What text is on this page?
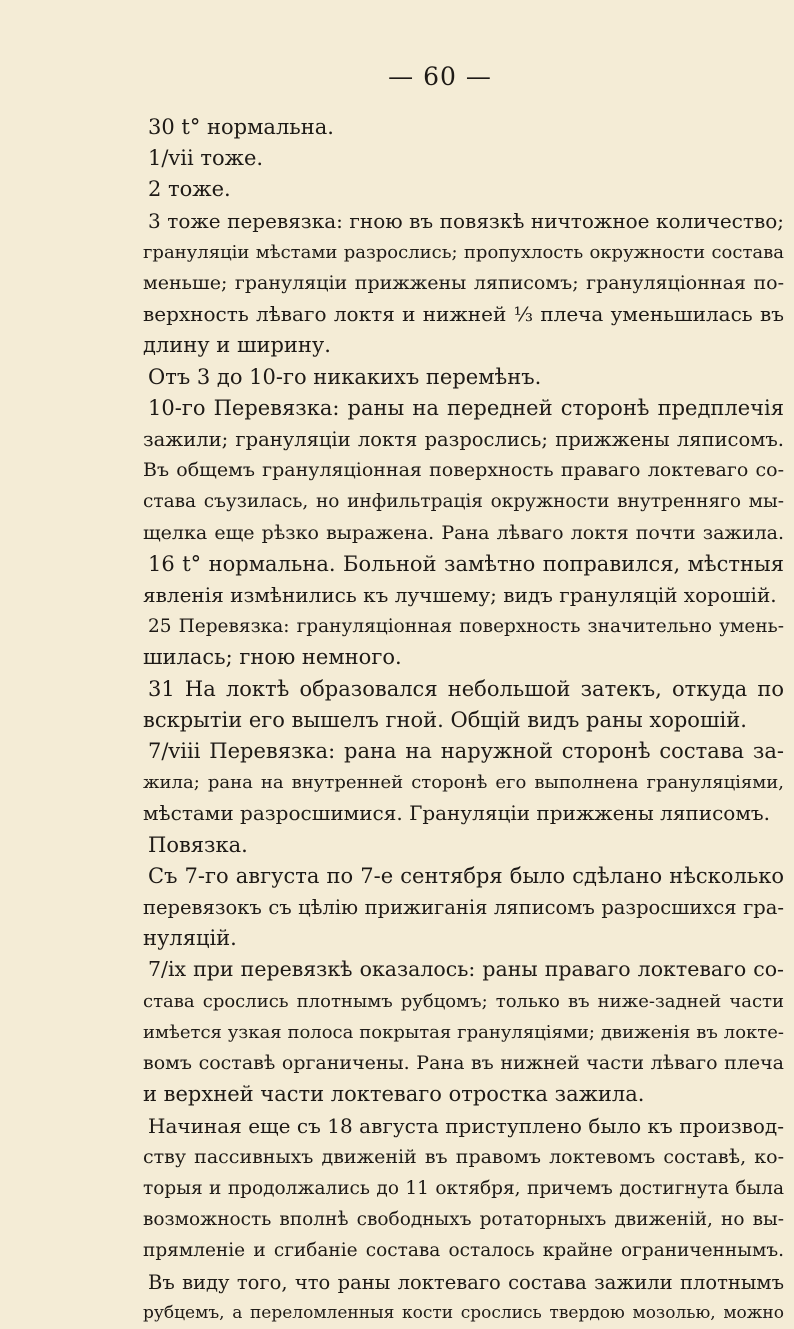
— 60 —
30 t° нормальна.
1/vii тоже.
2 тоже.
3 тоже перевязка: гною въ повязкѣ ничтожное количество;
грануляціи мѣстами разрослись; пропухлость окружности состава
меньше; грануляціи прижжены ляписомъ; грануляціонная по-
верхность лѣваго локтя и нижней ⅓ плеча уменьшилась въ
длину и ширину.
Отъ 3 до 10-го никакихъ перемѣнъ.
10-го Перевязка: раны на передней сторонѣ предплечія
зажили; грануляціи локтя разрослись; прижжены ляписомъ.
Въ общемъ грануляціонная поверхность праваго локтеваго со-
става съузилась, но инфильтрація окружности внутренняго мы-
щелка еще рѣзко выражена. Рана лѣваго локтя почти зажила.
16 t° нормальна. Больной замѣтно поправился, мѣстныя
явленія измѣнились къ лучшему; видъ грануляцій хорошій.
25 Перевязка: грануляціонная поверхность значительно умень-
шилась; гною немного.
31 На локтѣ образовался небольшой затекъ, откуда по
вскрытіи его вышелъ гной. Общій видъ раны хорошій.
7/viii Перевязка: рана на наружной сторонѣ состава за-
жила; рана на внутренней сторонѣ его выполнена грануляціями,
мѣстами разросшимися. Грануляціи прижжены ляписомъ.
Повязка.
Съ 7-го августа по 7-е сентября было сдѣлано нѣсколько
перевязокъ съ цѣлію прижиганія ляписомъ разросшихся гра-
нуляцій.
7/ix при перевязкѣ оказалось: раны праваго локтеваго со-
става срослись плотнымъ рубцомъ; только въ ниже-задней части
имѣется узкая полоса покрытая грануляціями; движенія въ локте-
вомъ составѣ органичены. Рана въ нижней части лѣваго плеча
и верхней части локтеваго отростка зажила.
Начиная еще съ 18 августа приступлено было къ производ-
ству пассивныхъ движеній въ правомъ локтевомъ составѣ, ко-
торыя и продолжались до 11 октября, причемъ достигнута была
возможность вполнѣ свободныхъ ротаторныхъ движеній, но вы-
прямленіе и сгибаніе состава осталось крайне ограниченнымъ.
Въ виду того, что раны локтеваго состава зажили плотнымъ
рубцемъ, а переломленныя кости срослись твердою мозолью, можно
